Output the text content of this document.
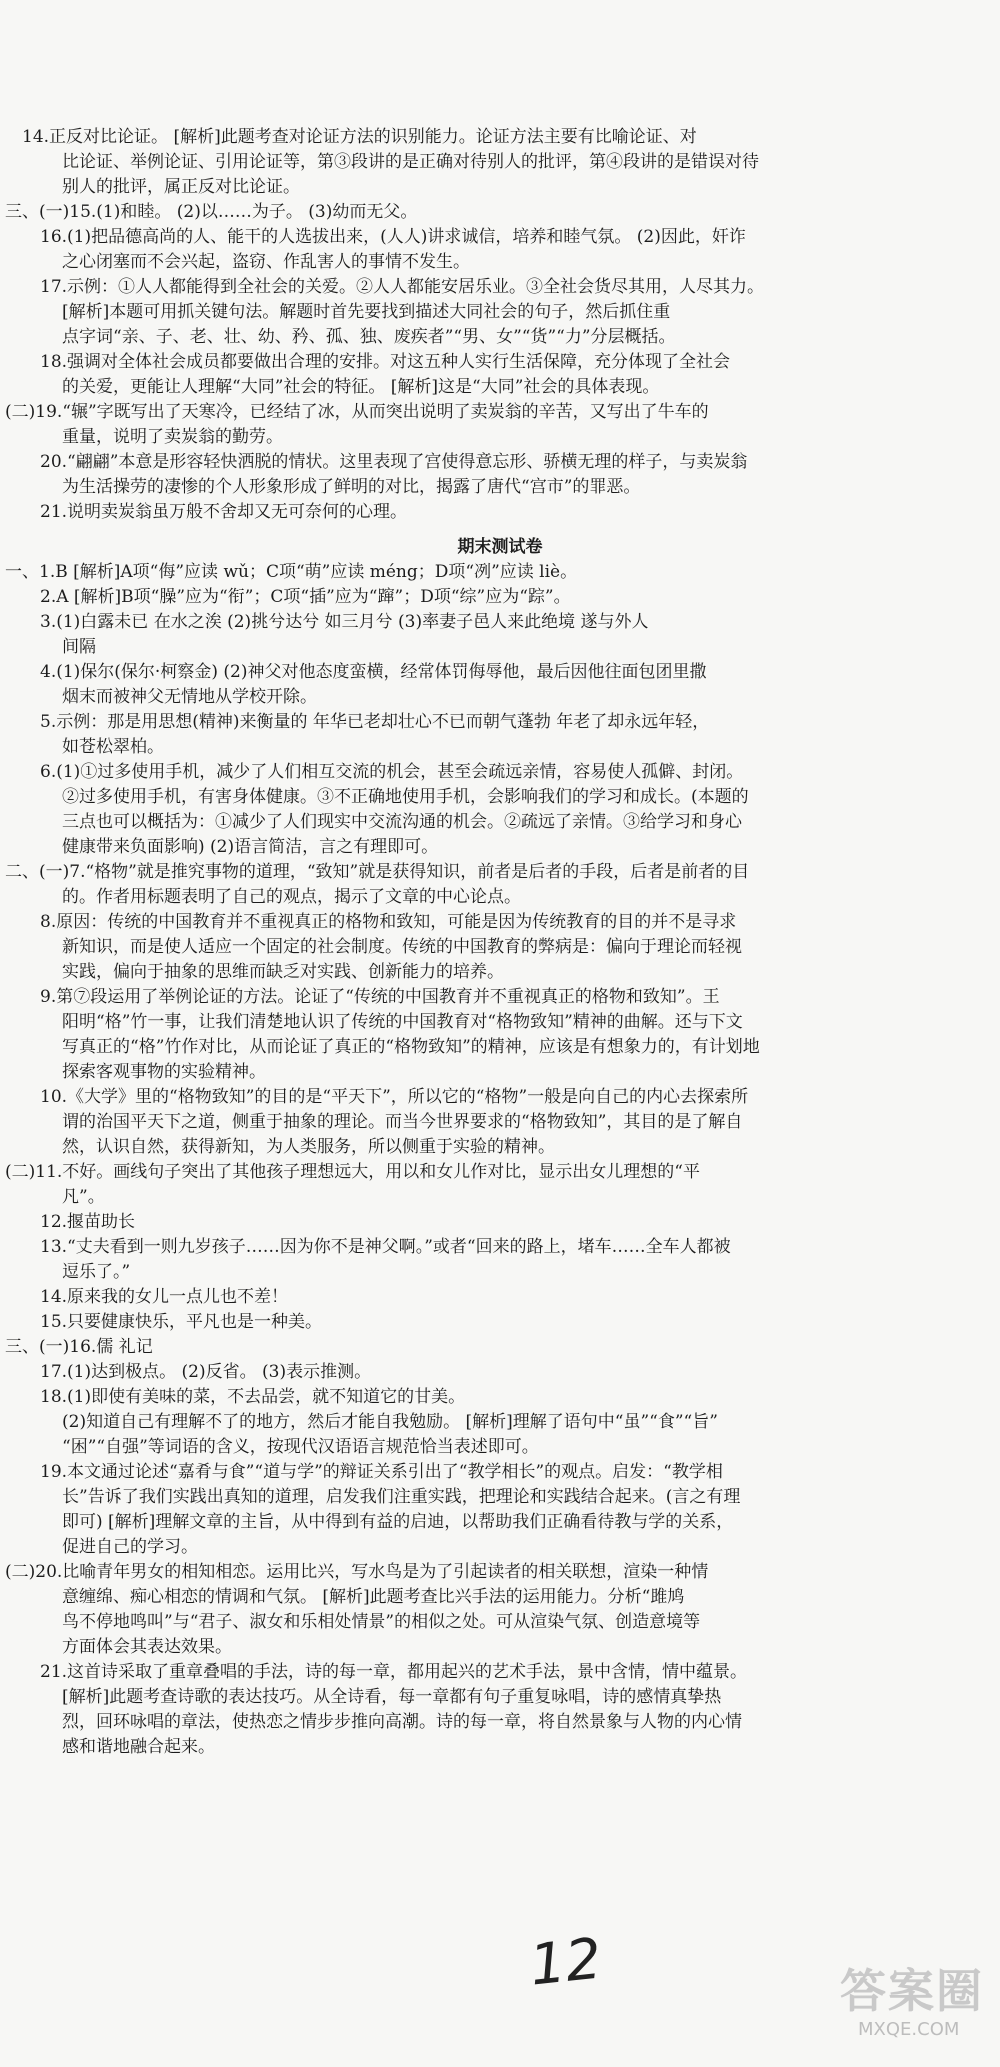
14.正反对比论证。 [解析]此题考查对论证方法的识别能力。论证方法主要有比喻论证、对
比论证、举例论证、引用论证等，第③段讲的是正确对待别人的批评，第④段讲的是错误对待
别人的批评，属正反对比论证。
三、(一)15.(1)和睦。 (2)以……为子。 (3)幼而无父。
16.(1)把品德高尚的人、能干的人选拔出来，(人人)讲求诚信，培养和睦气氛。 (2)因此，奸诈
之心闭塞而不会兴起，盗窃、作乱害人的事情不发生。
17.示例：①人人都能得到全社会的关爱。②人人都能安居乐业。③全社会货尽其用，人尽其力。
[解析]本题可用抓关键句法。解题时首先要找到描述大同社会的句子，然后抓住重
点字词“亲、子、老、壮、幼、矜、孤、独、废疾者”“男、女”“货”“力”分层概括。
18.强调对全体社会成员都要做出合理的安排。对这五种人实行生活保障，充分体现了全社会
的关爱，更能让人理解“大同”社会的特征。 [解析]这是“大同”社会的具体表现。
(二)19.“辗”字既写出了天寒冷，已经结了冰，从而突出说明了卖炭翁的辛苦，又写出了牛车的
重量，说明了卖炭翁的勤劳。
20.“翩翩”本意是形容轻快洒脱的情状。这里表现了宫使得意忘形、骄横无理的样子，与卖炭翁
为生活操劳的凄惨的个人形象形成了鲜明的对比，揭露了唐代“宫市”的罪恶。
21.说明卖炭翁虽万般不舍却又无可奈何的心理。
一、1.B [解析]A项“侮”应读 wǔ；C项“萌”应读 méng；D项“冽”应读 liè。
2.A [解析]B项“臊”应为“衔”；C项“插”应为“蹿”；D项“综”应为“踪”。
3.(1)白露未已 在水之涘 (2)挑兮达兮 如三月兮 (3)率妻子邑人来此绝境 遂与外人
间隔
4.(1)保尔(保尔·柯察金) (2)神父对他态度蛮横，经常体罚侮辱他，最后因他往面包团里撒
烟末而被神父无情地从学校开除。
5.示例：那是用思想(精神)来衡量的 年华已老却壮心不已而朝气蓬勃 年老了却永远年轻，
如苍松翠柏。
6.(1)①过多使用手机，减少了人们相互交流的机会，甚至会疏远亲情，容易使人孤僻、封闭。
②过多使用手机，有害身体健康。③不正确地使用手机，会影响我们的学习和成长。(本题的
三点也可以概括为：①减少了人们现实中交流沟通的机会。②疏远了亲情。③给学习和身心
健康带来负面影响) (2)语言简洁，言之有理即可。
二、(一)7.“格物”就是推究事物的道理，“致知”就是获得知识，前者是后者的手段，后者是前者的目
的。作者用标题表明了自己的观点，揭示了文章的中心论点。
8.原因：传统的中国教育并不重视真正的格物和致知，可能是因为传统教育的目的并不是寻求
新知识，而是使人适应一个固定的社会制度。传统的中国教育的弊病是：偏向于理论而轻视
实践，偏向于抽象的思维而缺乏对实践、创新能力的培养。
9.第⑦段运用了举例论证的方法。论证了“传统的中国教育并不重视真正的格物和致知”。王
阳明“格”竹一事，让我们清楚地认识了传统的中国教育对“格物致知”精神的曲解。还与下文
写真正的“格”竹作对比，从而论证了真正的“格物致知”的精神，应该是有想象力的，有计划地
探索客观事物的实验精神。
10.《大学》里的“格物致知”的目的是“平天下”，所以它的“格物”一般是向自己的内心去探索所
谓的治国平天下之道，侧重于抽象的理论。而当今世界要求的“格物致知”，其目的是了解自
然，认识自然，获得新知，为人类服务，所以侧重于实验的精神。
(二)11.不好。画线句子突出了其他孩子理想远大，用以和女儿作对比，显示出女儿理想的“平
凡”。
12.揠苗助长
13.“丈夫看到一则九岁孩子……因为你不是神父啊。”或者“回来的路上，堵车……全车人都被
逗乐了。”
14.原来我的女儿一点儿也不差！
15.只要健康快乐，平凡也是一种美。
三、(一)16.儒 礼记
17.(1)达到极点。 (2)反省。 (3)表示推测。
18.(1)即使有美味的菜，不去品尝，就不知道它的甘美。
(2)知道自己有理解不了的地方，然后才能自我勉励。 [解析]理解了语句中“虽”“食”“旨”
“困”“自强”等词语的含义，按现代汉语语言规范恰当表述即可。
19.本文通过论述“嘉肴与食”“道与学”的辩证关系引出了“教学相长”的观点。启发：“教学相
长”告诉了我们实践出真知的道理，启发我们注重实践，把理论和实践结合起来。(言之有理
即可) [解析]理解文章的主旨，从中得到有益的启迪，以帮助我们正确看待教与学的关系，
促进自己的学习。
(二)20.比喻青年男女的相知相恋。运用比兴，写水鸟是为了引起读者的相关联想，渲染一种情
意缠绵、痴心相恋的情调和气氛。 [解析]此题考查比兴手法的运用能力。分析“雎鸠
鸟不停地鸣叫”与“君子、淑女和乐相处情景”的相似之处。可从渲染气氛、创造意境等
方面体会其表达效果。
21.这首诗采取了重章叠唱的手法，诗的每一章，都用起兴的艺术手法，景中含情，情中蕴景。
[解析]此题考查诗歌的表达技巧。从全诗看，每一章都有句子重复咏唱，诗的感情真挚热
烈，回环咏唱的章法，使热恋之情步步推向高潮。诗的每一章，将自然景象与人物的内心情
感和谐地融合起来。
期末测试卷
12	答案圈
MXQE.COM
